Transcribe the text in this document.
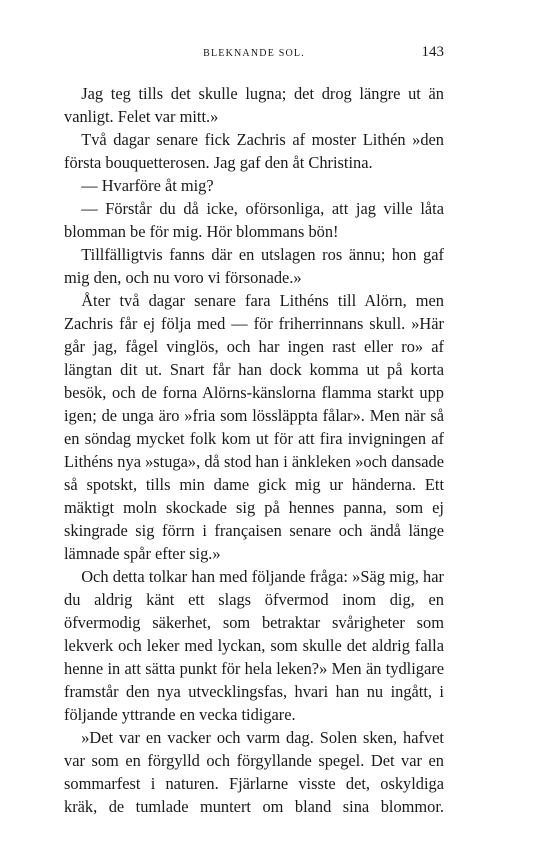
BLEKNANDE SOL.	143

Jag teg tills det skulle lugna; det drog längre ut än vanligt. Felet var mitt.»

Två dagar senare fick Zachris af moster Lithén »den första bouquetterosen. Jag gaf den åt Christina.

— Hvarföre åt mig?

— Förstår du då icke, oförsonliga, att jag ville låta blomman be för mig. Hör blommans bön!

Tillfälligtvis fanns där en utslagen ros ännu; hon gaf mig den, och nu voro vi försonade.»

Åter två dagar senare fara Lithéns till Alörn, men Zachris får ej följa med — för friherrinnans skull. »Här går jag, fågel vinglös, och har ingen rast eller ro» af längtan dit ut. Snart får han dock komma ut på korta besök, och de forna Alörns-känslorna flamma starkt upp igen; de unga äro »fria som lössläppta fålar». Men när så en söndag mycket folk kom ut för att fira invigningen af Lithéns nya »stuga», då stod han i änkleken »och dansade så spotskt, tills min dame gick mig ur händerna. Ett mäktigt moln skockade sig på hennes panna, som ej skingrade sig förrn i françaisen senare och ändå länge lämnade spår efter sig.»

Och detta tolkar han med följande fråga: »Säg mig, har du aldrig känt ett slags öfvermod inom dig, en öfvermodig säkerhet, som betraktar svårigheter som lekverk och leker med lyckan, som skulle det aldrig falla henne in att sätta punkt för hela leken?» Men än tydligare framstår den nya utvecklingsfas, hvari han nu ingått, i följande yttrande en vecka tidigare.

»Det var en vacker och varm dag. Solen sken, hafvet var som en förgylld och förgyllande spegel. Det var en sommarfest i naturen. Fjärlarne visste det, oskyldiga kräk, de tumlade muntert om bland sina blommor.
